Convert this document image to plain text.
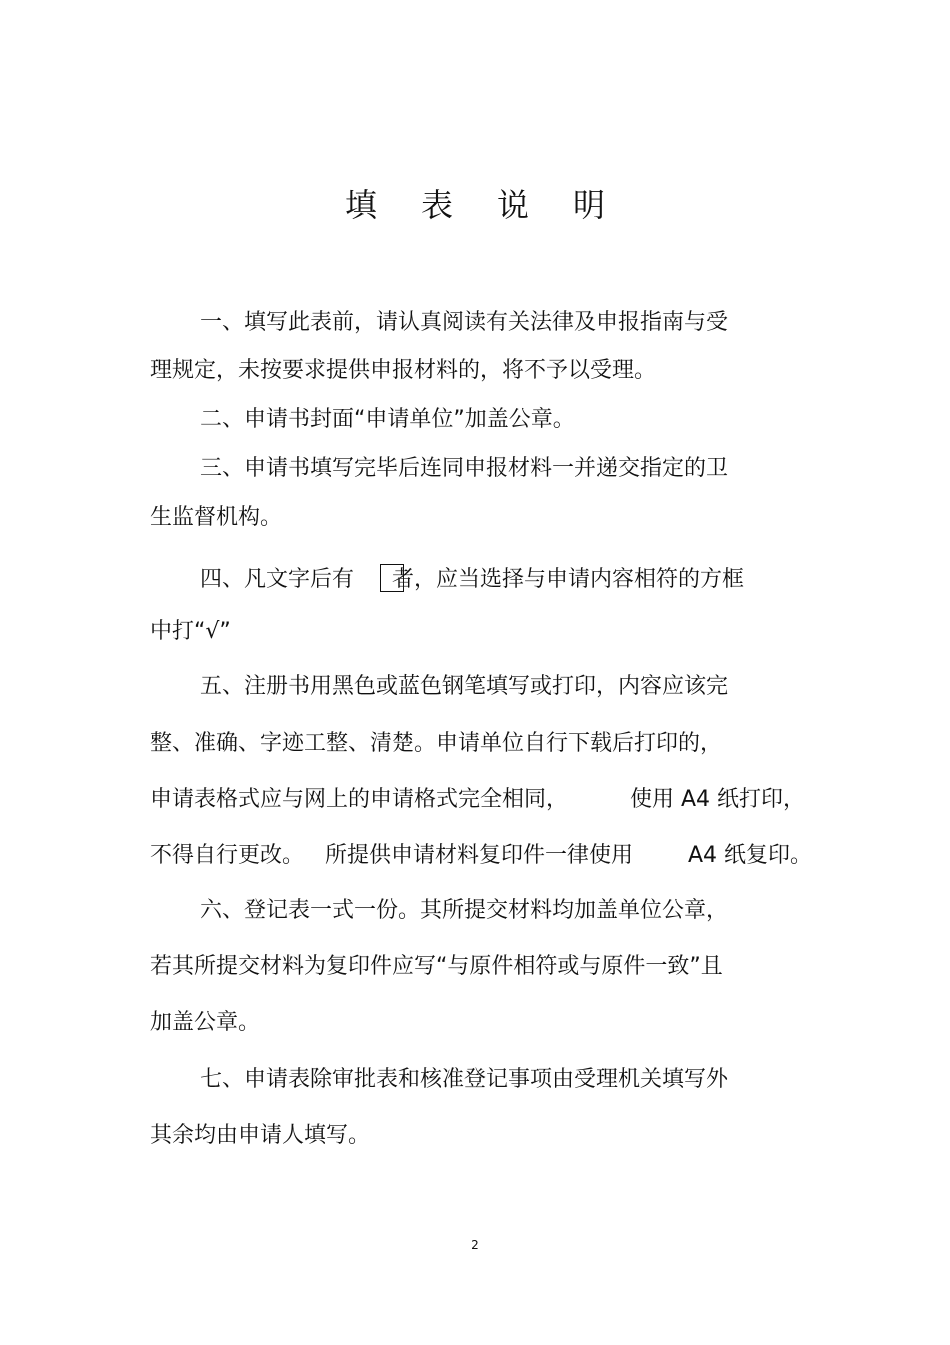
填 表 说 明
一、填写此表前，请认真阅读有关法律及申报指南与受
理规定，未按要求提供申报材料的，将不予以受理。
二、申请书封面“申请单位”加盖公章。
三、申请书填写完毕后连同申报材料一并递交指定的卫
生监督机构。
四、凡文字后有 者，应当选择与申请内容相符的方框
中打“√”
五、注册书用黑色或蓝色钢笔填写或打印，内容应该完
整、准确、字迹工整、清楚。申请单位自行下载后打印的，
申请表格式应与网上的申请格式完全相同，	使用 A4 纸打印，
不得自行更改。 所提供申请材料复印件一律使用 A4 纸复印。
六、登记表一式一份。其所提交材料均加盖单位公章，
若其所提交材料为复印件应写“与原件相符或与原件一致”且
加盖公章。
七、申请表除审批表和核准登记事项由受理机关填写外
其余均由申请人填写。
2
